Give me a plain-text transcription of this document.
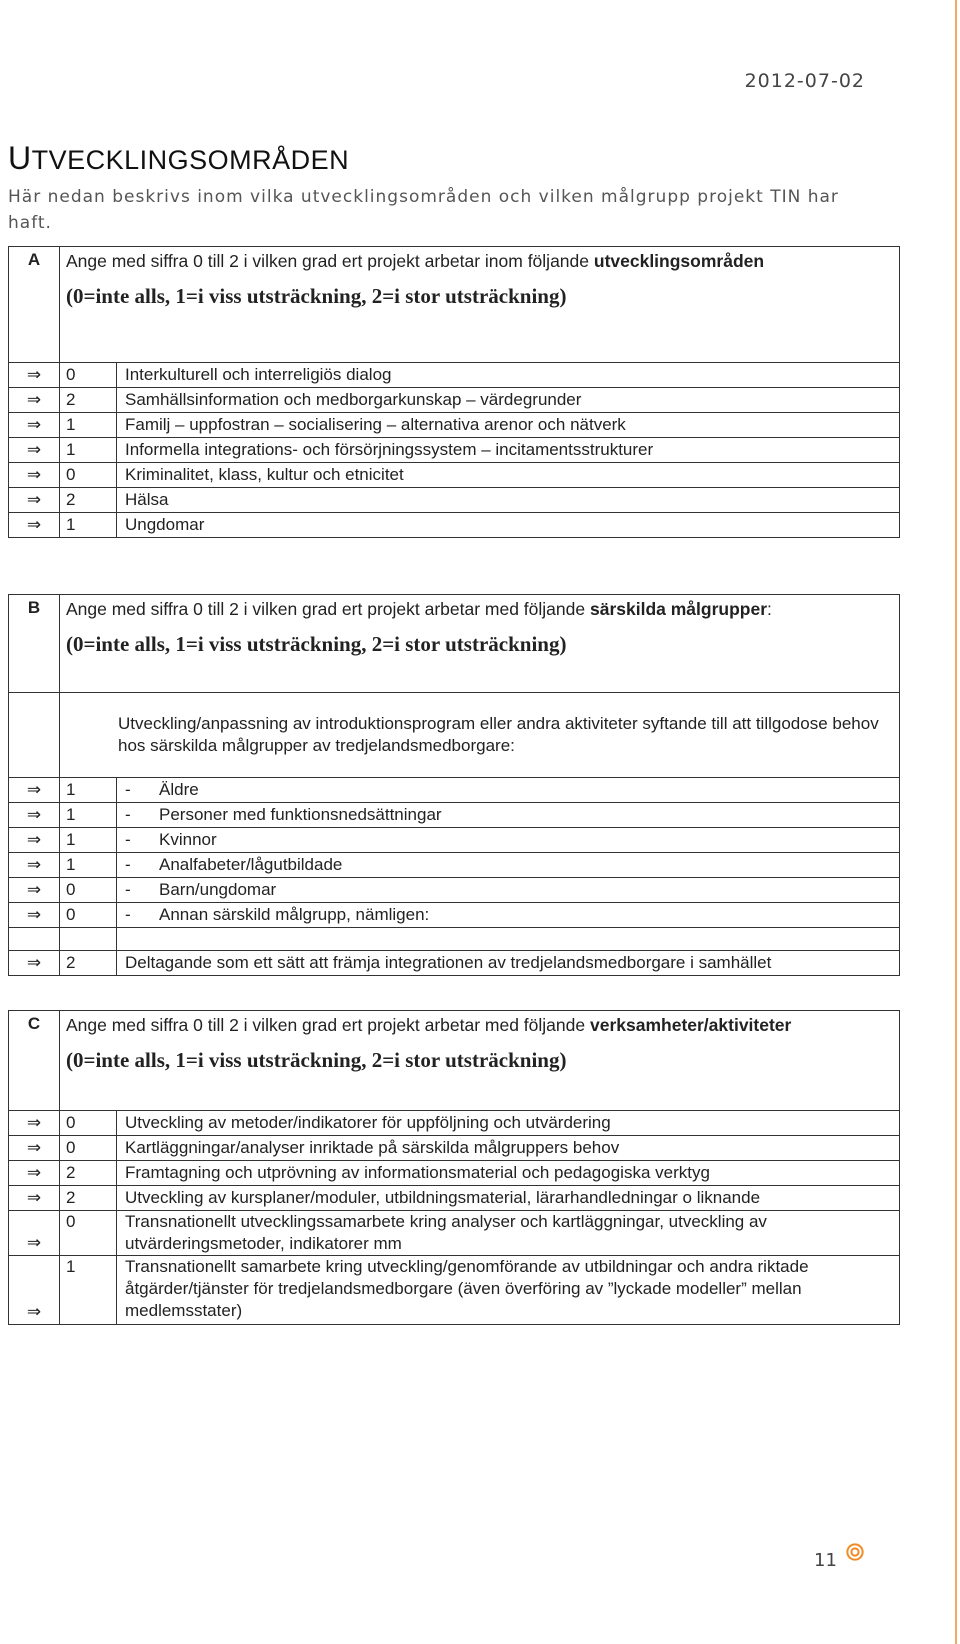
2012-07-02
UTVECKLINGSOMRÅDEN
Här nedan beskrivs inom vilka utvecklingsområden och vilken målgrupp projekt TIN har haft.
A	Ange med siffra 0 till 2 i vilken grad ert projekt arbetar inom följande utvecklingsområden
(0=inte alls, 1=i viss utsträckning, 2=i stor utsträckning)	

⇒	0	Interkulturell och interreligiös dialog
⇒	2	Samhällsinformation och medborgarkunskap – värdegrunder
⇒	1	Familj – uppfostran – socialisering – alternativa arenor och nätverk
⇒	1	Informella integrations- och försörjningssystem – incitamentsstrukturer
⇒	0	Kriminalitet, klass, kultur och etnicitet
⇒	2	Hälsa
⇒	1	Ungdomar
B	Ange med siffra 0 till 2 i vilken grad ert projekt arbetar med följande särskilda målgrupper:
(0=inte alls, 1=i viss utsträckning, 2=i stor utsträckning)	

	Utveckling/anpassning av introduktionsprogram eller andra aktiviteter syftande till att tillgodose behov hos särskilda målgrupper av tredjelandsmedborgare:	
⇒	1	- Äldre
⇒	1	- Personer med funktionsnedsättningar
⇒	1	- Kvinnor
⇒	1	- Analfabeter/lågutbildade
⇒	0	- Barn/ungdomar
⇒	0	- Annan särskild målgrupp, nämligen:

⇒	2	Deltagande som ett sätt att främja integrationen av tredjelandsmedborgare i samhället
C	Ange med siffra 0 till 2 i vilken grad ert projekt arbetar med följande verksamheter/aktiviteter
(0=inte alls, 1=i viss utsträckning, 2=i stor utsträckning)	

⇒	0	Utveckling av metoder/indikatorer för uppföljning och utvärdering
⇒	0	Kartläggningar/analyser inriktade på särskilda målgruppers behov
⇒	2	Framtagning och utprövning av informationsmaterial och pedagogiska verktyg
⇒	2	Utveckling av kursplaner/moduler, utbildningsmaterial, lärarhandledningar o liknande
⇒	0	Transnationellt utvecklingssamarbete kring analyser och kartläggningar, utveckling av utvärderingsmetoder, indikatorer mm
⇒	1	Transnationellt samarbete kring utveckling/genomförande av utbildningar och andra riktade åtgärder/tjänster för tredjelandsmedborgare (även överföring av ”lyckade modeller” mellan medlemsstater)
11
